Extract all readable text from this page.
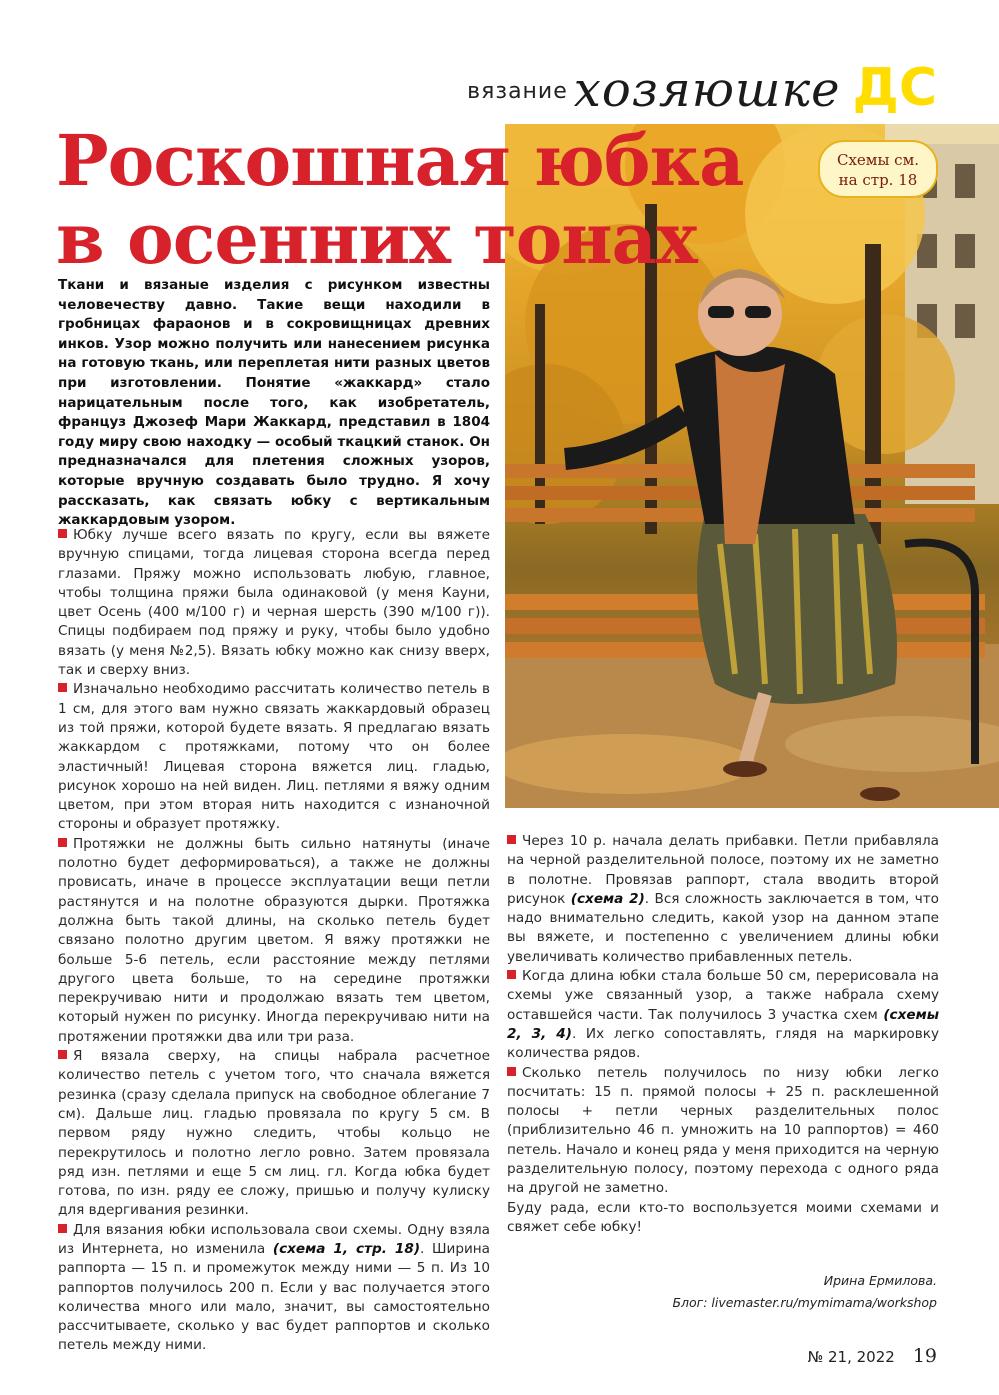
вязание хозяюшке ДС
Роскошная юбка
в осенних тонах
Схемы см.
на стр. 18

Ткани и вязаные изделия с рисунком известны человечеству давно. Такие вещи находили в гробницах фараонов и в сокровищницах древних инков. Узор можно получить или нанесением рисунка на готовую ткань, или переплетая нити разных цветов при изготовлении. Понятие «жаккард» стало нарицательным после того, как изобретатель, француз Джозеф Мари Жаккард, представил в 1804 году миру свою находку — особый ткацкий станок. Он предназначался для плетения сложных узоров, которые вручную создавать было трудно. Я хочу рассказать, как связать юбку с вертикальным жаккардовым узором.

Юбку лучше всего вязать по кругу, если вы вяжете вручную спицами, тогда лицевая сторона всегда перед глазами. Пряжу можно использовать любую, главное, чтобы толщина пряжи была одинаковой (у меня Кауни, цвет Осень (400 м/100 г) и черная шерсть (390 м/100 г)). Спицы подбираем под пряжу и руку, чтобы было удобно вязать (у меня №2,5). Вязать юбку можно как снизу вверх, так и сверху вниз.

Изначально необходимо рассчитать количество петель в 1 см, для этого вам нужно связать жаккардовый образец из той пряжи, которой будете вязать. Я предлагаю вязать жаккардом с протяжками, потому что он более эластичный! Лицевая сторона вяжется лиц. гладью, рисунок хорошо на ней виден. Лиц. петлями я вяжу одним цветом, при этом вторая нить находится с изнаночной стороны и образует протяжку.

Протяжки не должны быть сильно натянуты (иначе полотно будет деформироваться), а также не должны провисать, иначе в процессе эксплуатации вещи петли растянутся и на полотне образуются дырки. Протяжка должна быть такой длины, на сколько петель будет связано полотно другим цветом. Я вяжу протяжки не больше 5-6 петель, если расстояние между петлями другого цвета больше, то на середине протяжки перекручиваю нити и продолжаю вязать тем цветом, который нужен по рисунку. Иногда перекручиваю нити на протяжении протяжки два или три раза.

Я вязала сверху, на спицы набрала расчетное количество петель с учетом того, что сначала вяжется резинка (сразу сделала припуск на свободное облегание 7 см). Дальше лиц. гладью провязала по кругу 5 см. В первом ряду нужно следить, чтобы кольцо не перекрутилось и полотно легло ровно. Затем провязала ряд изн. петлями и еще 5 см лиц. гл. Когда юбка будет готова, по изн. ряду ее сложу, пришью и получу кулиску для вдергивания резинки.

Для вязания юбки использовала свои схемы. Одну взяла из Интернета, но изменила (схема 1, стр. 18). Ширина раппорта — 15 п. и промежуток между ними — 5 п. Из 10 раппортов получилось 200 п. Если у вас получается этого количества много или мало, значит, вы самостоятельно рассчитываете, сколько у вас будет раппортов и сколько петель между ними.

Через 10 р. начала делать прибавки. Петли прибавляла на черной разделительной полосе, поэтому их не заметно в полотне. Провязав раппорт, стала вводить второй рисунок (схема 2). Вся сложность заключается в том, что надо внимательно следить, какой узор на данном этапе вы вяжете, и постепенно с увеличением длины юбки увеличивать количество прибавленных петель.

Когда длина юбки стала больше 50 см, перерисовала на схемы уже связанный узор, а также набрала схему оставшейся части. Так получилось 3 участка схем (схемы 2, 3, 4). Их легко сопоставлять, глядя на маркировку количества рядов.

Сколько петель получилось по низу юбки легко посчитать: 15 п. прямой полосы + 25 п. расклешенной полосы + петли черных разделительных полос (приблизительно 46 п. умножить на 10 раппортов) = 460 петель. Начало и конец ряда у меня приходится на черную разделительную полосу, поэтому перехода с одного ряда на другой не заметно.

Буду рада, если кто-то воспользуется моими схемами и свяжет себе юбку!

Ирина Ермилова.
Блог: livemaster.ru/mymimama/workshop
№ 21, 2022 19
